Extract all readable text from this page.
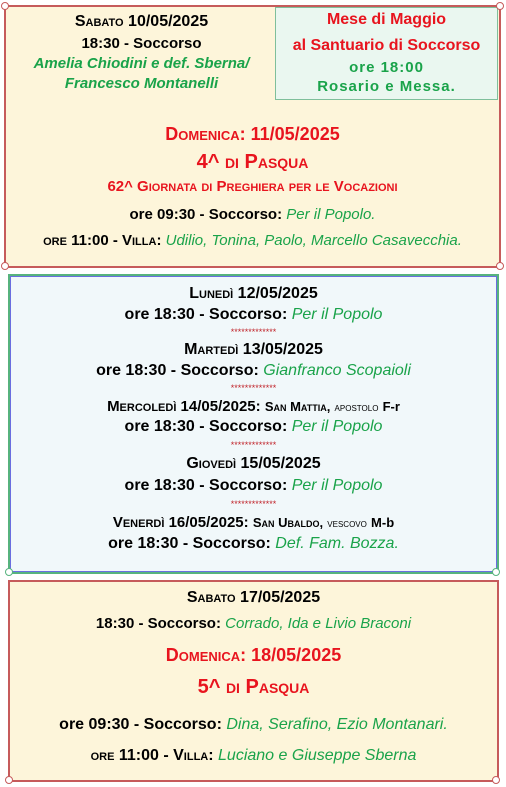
Sabato 10/05/2025
18:30 - Soccorso
Amelia Chiodini e def. Sberna/
Francesco Montanelli
Domenica: 11/05/2025
4^ di Pasqua
62^ Giornata di Preghiera per le Vocazioni
ore 09:30 - Soccorso: Per il Popolo.
ore 11:00 - Villa: Udilio, Tonina, Paolo, Marcello Casavecchia.
Mese di Maggio
al Santuario di Soccorso
ore 18:00
Rosario e Messa.
Lunedì 12/05/2025
ore 18:30 - Soccorso: Per il Popolo
*************
Martedì 13/05/2025
ore 18:30 - Soccorso: Gianfranco Scopaioli
*************
Mercoledì 14/05/2025: San Mattia, apostolo F-r
ore 18:30 - Soccorso: Per il Popolo
*************
Giovedì 15/05/2025
ore 18:30 - Soccorso: Per il Popolo
*************
Venerdì 16/05/2025: San Ubaldo, vescovo M-b
ore 18:30 - Soccorso: Def. Fam. Bozza.
Sabato 17/05/2025
18:30 - Soccorso: Corrado, Ida e Livio Braconi
Domenica: 18/05/2025
5^ di Pasqua
ore 09:30 - Soccorso: Dina, Serafino, Ezio Montanari.
ore 11:00 - Villa: Luciano e Giuseppe Sberna
